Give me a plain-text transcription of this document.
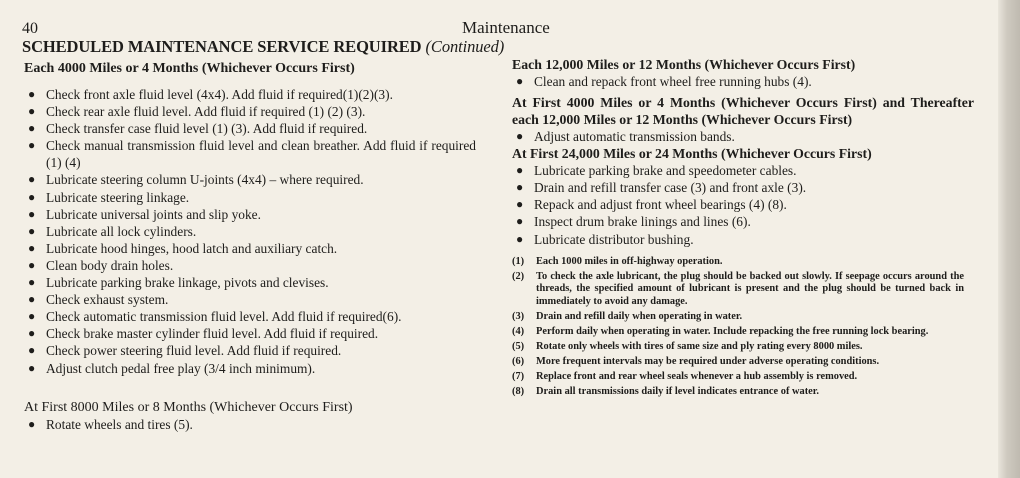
40	Maintenance
SCHEDULED MAINTENANCE SERVICE REQUIRED (Continued)
Each 4000 Miles or 4 Months (Whichever Occurs First)
● Check front axle fluid level (4x4). Add fluid if required(1)(2)(3).
● Check rear axle fluid level. Add fluid if required (1) (2) (3).
● Check transfer case fluid level (1) (3). Add fluid if required.
● Check manual transmission fluid level and clean breather. Add fluid if required (1) (4)
● Lubricate steering column U-joints (4x4) – where required.
● Lubricate steering linkage.
● Lubricate universal joints and slip yoke.
● Lubricate all lock cylinders.
● Lubricate hood hinges, hood latch and auxiliary catch.
● Clean body drain holes.
● Lubricate parking brake linkage, pivots and clevises.
● Check exhaust system.
● Check automatic transmission fluid level. Add fluid if required(6).
● Check brake master cylinder fluid level. Add fluid if required.
● Check power steering fluid level. Add fluid if required.
● Adjust clutch pedal free play (3/4 inch minimum).
At First 8000 Miles or 8 Months (Whichever Occurs First)
● Rotate wheels and tires (5).
Each 12,000 Miles or 12 Months (Whichever Occurs First)
● Clean and repack front wheel free running hubs (4).
At First 4000 Miles or 4 Months (Whichever Occurs First) and Thereafter each 12,000 Miles or 12 Months (Whichever Occurs First)
● Adjust automatic transmission bands.
At First 24,000 Miles or 24 Months (Whichever Occurs First)
● Lubricate parking brake and speedometer cables.
● Drain and refill transfer case (3) and front axle (3).
● Repack and adjust front wheel bearings (4) (8).
● Inspect drum brake linings and lines (6).
● Lubricate distributor bushing.
(1) Each 1000 miles in off-highway operation.
(2) To check the axle lubricant, the plug should be backed out slowly. If seepage occurs around the threads, the specified amount of lubricant is present and the plug should be turned back in immediately to avoid any damage.
(3) Drain and refill daily when operating in water.
(4) Perform daily when operating in water. Include repacking the free running lock bearing.
(5) Rotate only wheels with tires of same size and ply rating every 8000 miles.
(6) More frequent intervals may be required under adverse operating conditions.
(7) Replace front and rear wheel seals whenever a hub assembly is removed.
(8) Drain all transmissions daily if level indicates entrance of water.
